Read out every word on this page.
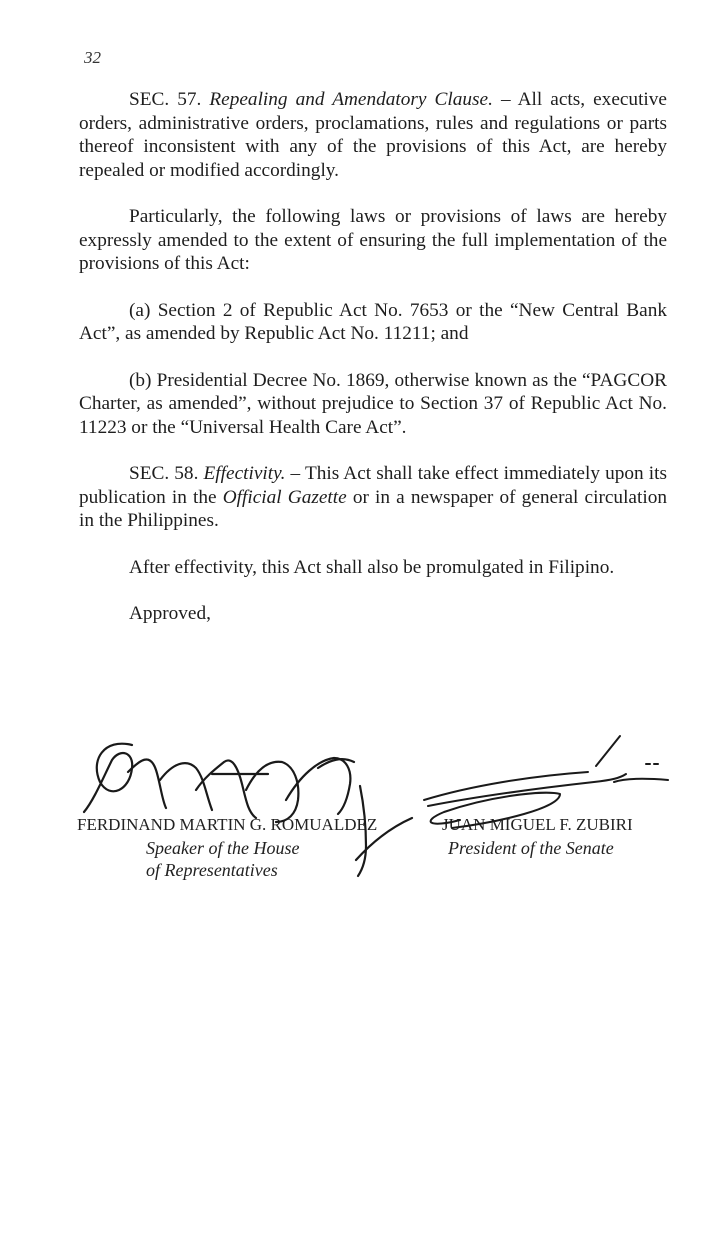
32

SEC. 57. Repealing and Amendatory Clause. – All acts, executive orders, administrative orders, proclamations, rules and regulations or parts thereof inconsistent with any of the provisions of this Act, are hereby repealed or modified accordingly.

Particularly, the following laws or provisions of laws are hereby expressly amended to the extent of ensuring the full implementation of the provisions of this Act:

(a) Section 2 of Republic Act No. 7653 or the “New Central Bank Act”, as amended by Republic Act No. 11211; and

(b) Presidential Decree No. 1869, otherwise known as the “PAGCOR Charter, as amended”, without prejudice to Section 37 of Republic Act No. 11223 or the “Universal Health Care Act”.

SEC. 58. Effectivity. – This Act shall take effect immediately upon its publication in the Official Gazette or in a newspaper of general circulation in the Philippines.

After effectivity, this Act shall also be promulgated in Filipino.

Approved,

FERDINAND MARTIN G. ROMUALDEZ
Speaker of the House
of Representatives
JUAN MIGUEL F. ZUBIRI
President of the Senate
